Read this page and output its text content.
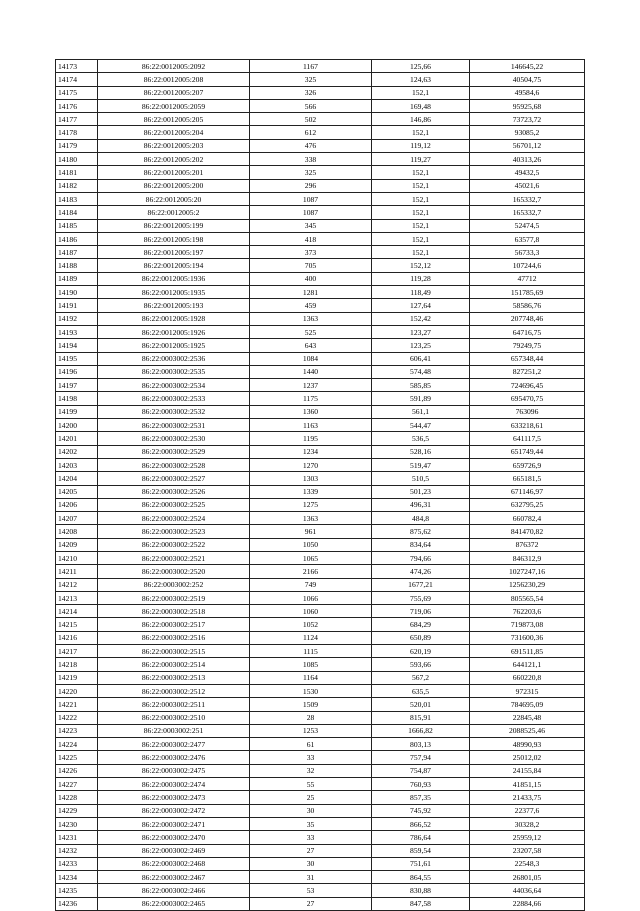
14173	86:22:0012005:2092	1167	125,66	146645,22
14174	86:22:0012005:208	325	124,63	40504,75
14175	86:22:0012005:207	326	152,1	49584,6
14176	86:22:0012005:2059	566	169,48	95925,68
14177	86:22:0012005:205	502	146,86	73723,72
14178	86:22:0012005:204	612	152,1	93085,2
14179	86:22:0012005:203	476	119,12	56701,12
14180	86:22:0012005:202	338	119,27	40313,26
14181	86:22:0012005:201	325	152,1	49432,5
14182	86:22:0012005:200	296	152,1	45021,6
14183	86:22:0012005:20	1087	152,1	165332,7
14184	86:22:0012005:2	1087	152,1	165332,7
14185	86:22:0012005:199	345	152,1	52474,5
14186	86:22:0012005:198	418	152,1	63577,8
14187	86:22:0012005:197	373	152,1	56733,3
14188	86:22:0012005:194	705	152,12	107244,6
14189	86:22:0012005:1936	400	119,28	47712
14190	86:22:0012005:1935	1281	118,49	151785,69
14191	86:22:0012005:193	459	127,64	58586,76
14192	86:22:0012005:1928	1363	152,42	207748,46
14193	86:22:0012005:1926	525	123,27	64716,75
14194	86:22:0012005:1925	643	123,25	79249,75
14195	86:22:0003002:2536	1084	606,41	657348,44
14196	86:22:0003002:2535	1440	574,48	827251,2
14197	86:22:0003002:2534	1237	585,85	724696,45
14198	86:22:0003002:2533	1175	591,89	695470,75
14199	86:22:0003002:2532	1360	561,1	763096
14200	86:22:0003002:2531	1163	544,47	633218,61
14201	86:22:0003002:2530	1195	536,5	641117,5
14202	86:22:0003002:2529	1234	528,16	651749,44
14203	86:22:0003002:2528	1270	519,47	659726,9
14204	86:22:0003002:2527	1303	510,5	665181,5
14205	86:22:0003002:2526	1339	501,23	671146,97
14206	86:22:0003002:2525	1275	496,31	632795,25
14207	86:22:0003002:2524	1363	484,8	660782,4
14208	86:22:0003002:2523	961	875,62	841470,82
14209	86:22:0003002:2522	1050	834,64	876372
14210	86:22:0003002:2521	1065	794,66	846312,9
14211	86:22:0003002:2520	2166	474,26	1027247,16
14212	86:22:0003002:252	749	1677,21	1256230,29
14213	86:22:0003002:2519	1066	755,69	805565,54
14214	86:22:0003002:2518	1060	719,06	762203,6
14215	86:22:0003002:2517	1052	684,29	719873,08
14216	86:22:0003002:2516	1124	650,89	731600,36
14217	86:22:0003002:2515	1115	620,19	691511,85
14218	86:22:0003002:2514	1085	593,66	644121,1
14219	86:22:0003002:2513	1164	567,2	660220,8
14220	86:22:0003002:2512	1530	635,5	972315
14221	86:22:0003002:2511	1509	520,01	784695,09
14222	86:22:0003002:2510	28	815,91	22845,48
14223	86:22:0003002:251	1253	1666,82	2088525,46
14224	86:22:0003002:2477	61	803,13	48990,93
14225	86:22:0003002:2476	33	757,94	25012,02
14226	86:22:0003002:2475	32	754,87	24155,84
14227	86:22:0003002:2474	55	760,93	41851,15
14228	86:22:0003002:2473	25	857,35	21433,75
14229	86:22:0003002:2472	30	745,92	22377,6
14230	86:22:0003002:2471	35	866,52	30328,2
14231	86:22:0003002:2470	33	786,64	25959,12
14232	86:22:0003002:2469	27	859,54	23207,58
14233	86:22:0003002:2468	30	751,61	22548,3
14234	86:22:0003002:2467	31	864,55	26801,05
14235	86:22:0003002:2466	53	830,88	44036,64
14236	86:22:0003002:2465	27	847,58	22884,66
